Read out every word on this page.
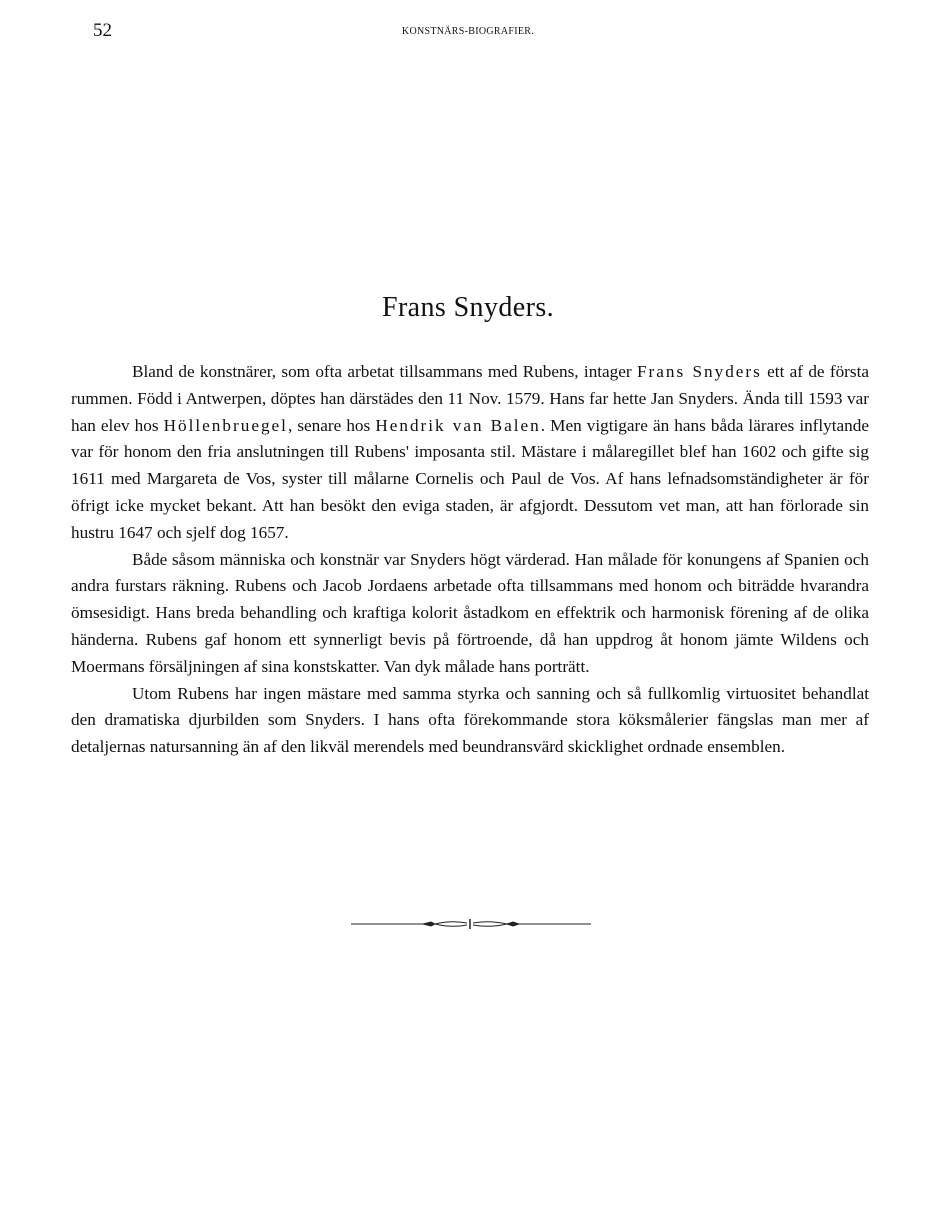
52	KONSTNÄRS-BIOGRAFIER.
Frans Snyders.

Bland de konstnärer, som ofta arbetat tillsammans med Rubens, intager Frans Snyders ett af de första rummen. Född i Antwerpen, döptes han därstädes den 11 Nov. 1579. Hans far hette Jan Snyders. Ända till 1593 var han elev hos Höllenbruegel, senare hos Hendrik van Balen. Men vigtigare än hans båda lärares inflytande var för honom den fria anslutningen till Rubens' imposanta stil. Mästare i målaregillet blef han 1602 och gifte sig 1611 med Margareta de Vos, syster till målarne Cornelis och Paul de Vos. Af hans lefnadsomständigheter är för öfrigt icke mycket bekant. Att han besökt den eviga staden, är afgjordt. Dessutom vet man, att han förlorade sin hustru 1647 och sjelf dog 1657.

Både såsom människa och konstnär var Snyders högt värderad. Han målade för konungens af Spanien och andra furstars räkning. Rubens och Jacob Jordaens arbetade ofta tillsammans med honom och biträdde hvarandra ömsesidigt. Hans breda behandling och kraftiga kolorit åstadkom en effektrik och harmonisk förening af de olika händerna. Rubens gaf honom ett synnerligt bevis på förtroende, då han uppdrog åt honom jämte Wildens och Moermans försäljningen af sina konstskatter. Van dyk målade hans porträtt.

Utom Rubens har ingen mästare med samma styrka och sanning och så fullkomlig virtuositet behandlat den dramatiska djurbilden som Snyders. I hans ofta förekommande stora köksmålerier fängslas man mer af detaljernas natursanning än af den likväl merendels med beundransvärd skicklighet ordnade ensemblen.
